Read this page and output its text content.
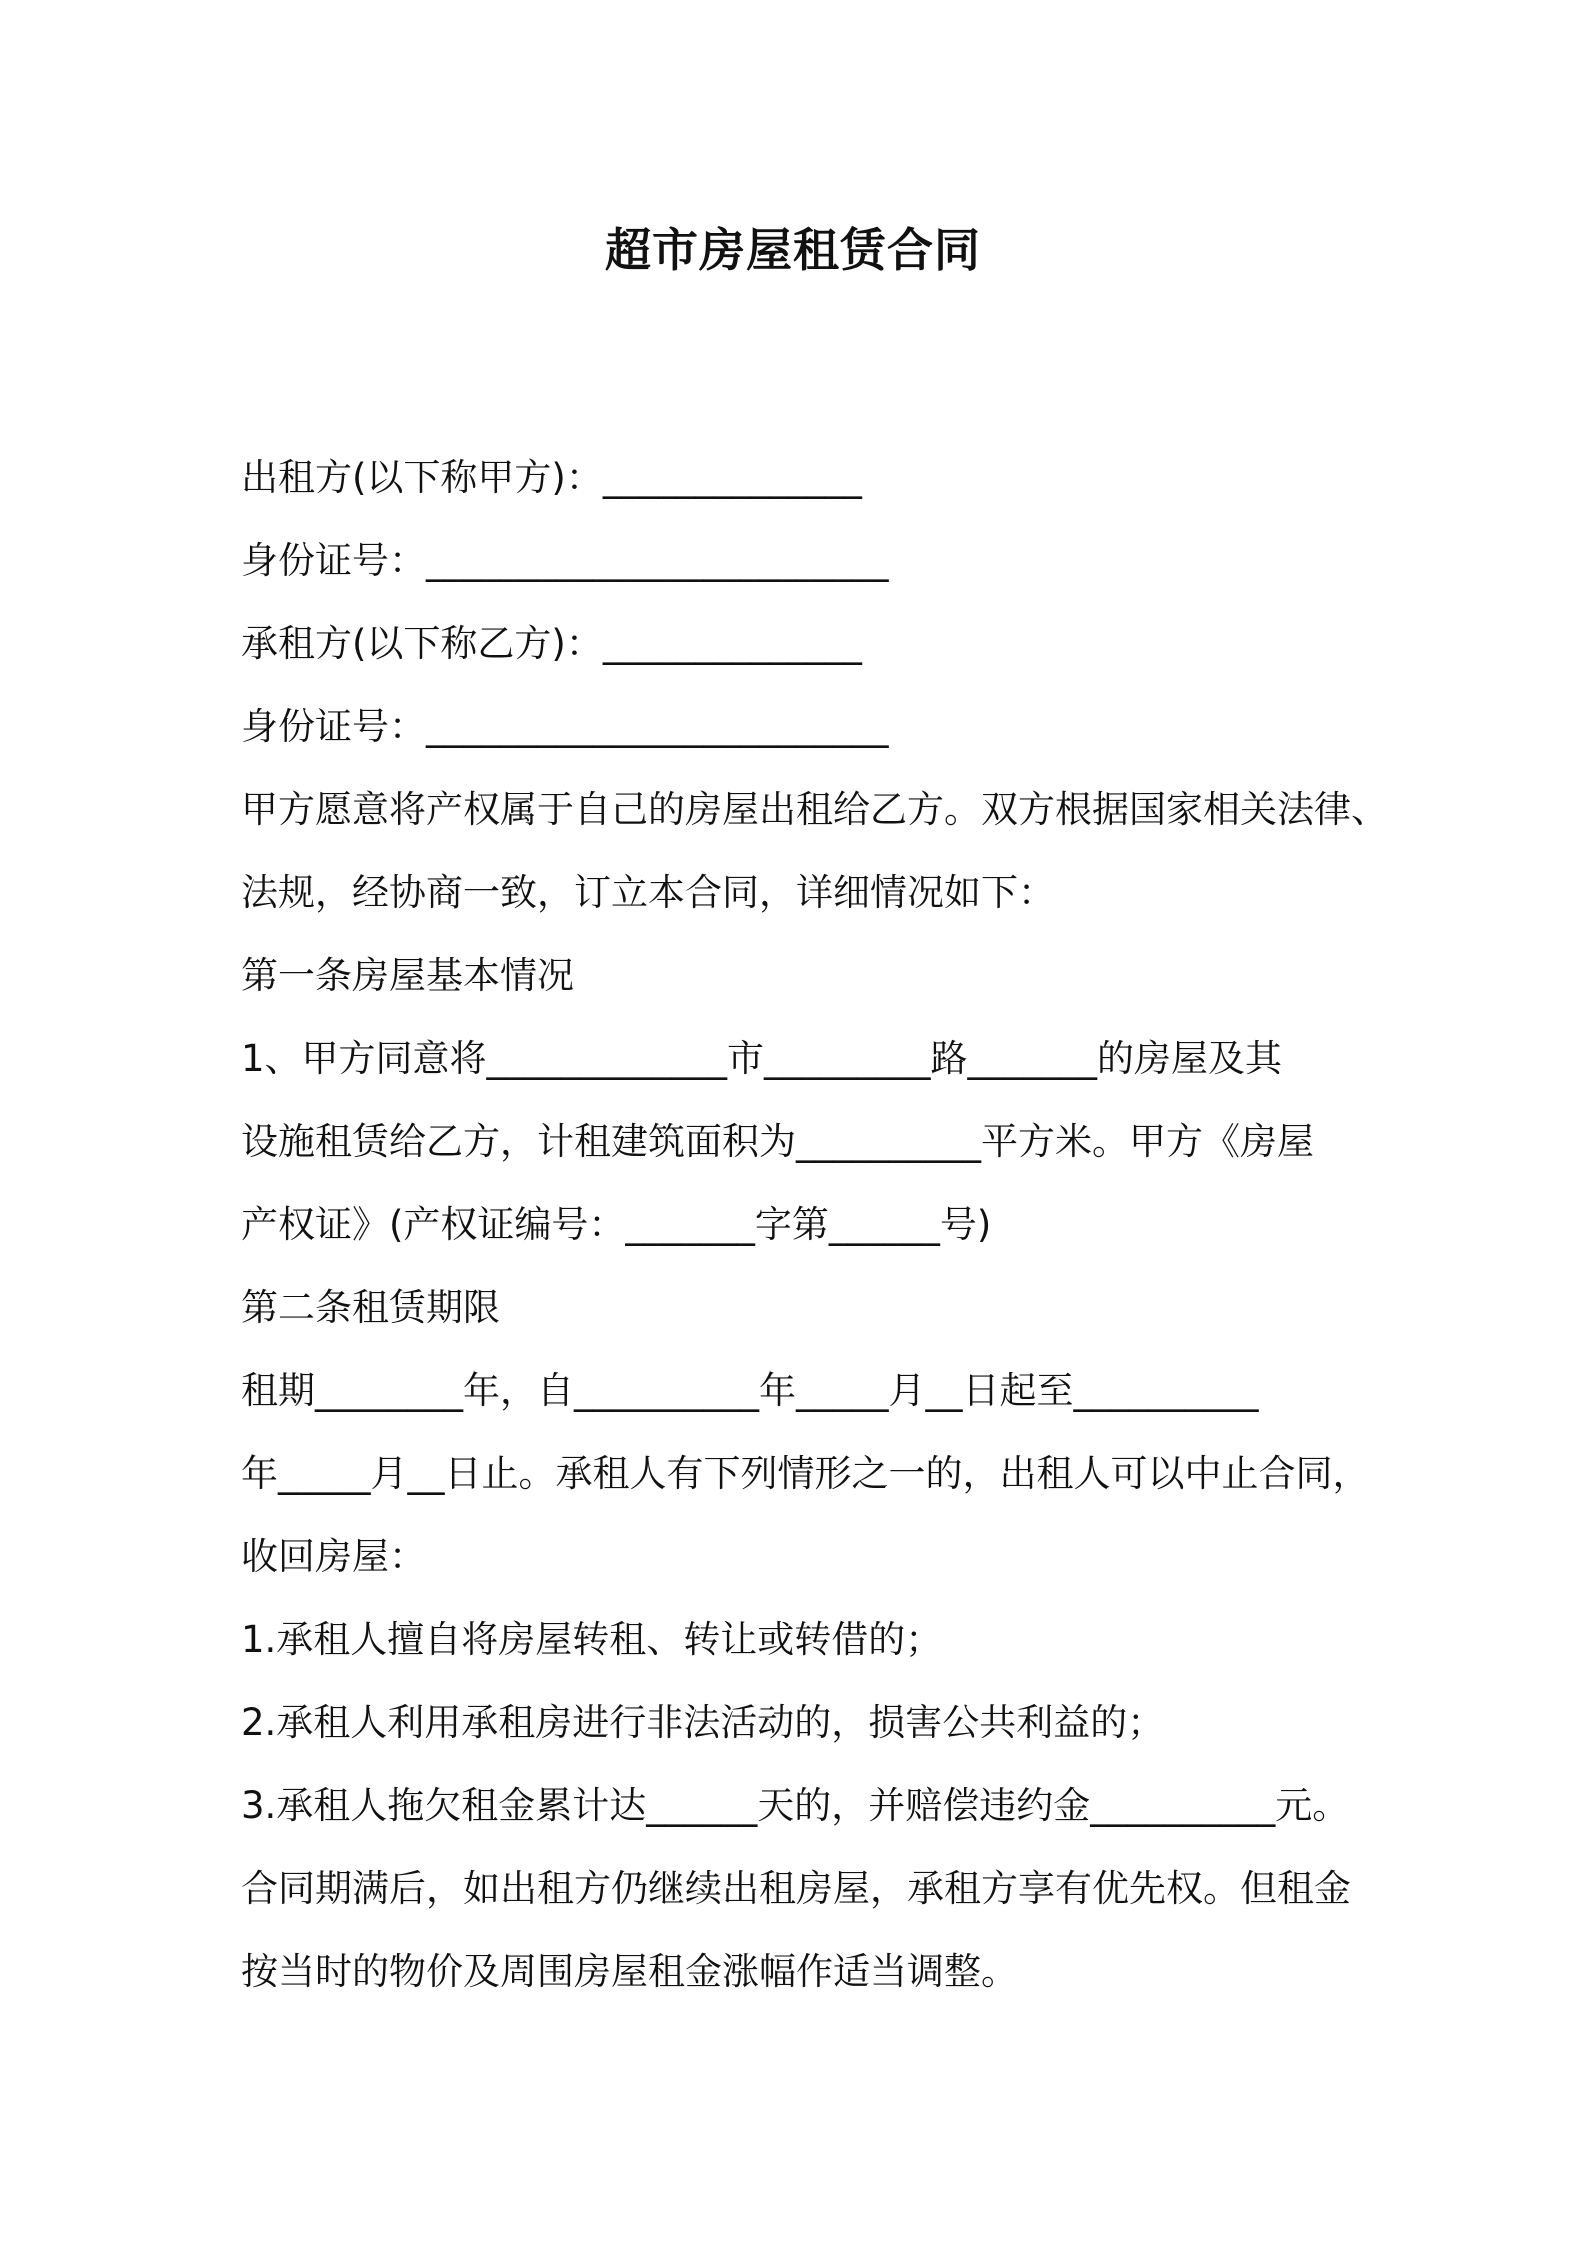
超市房屋租赁合同

出租方(以下称甲方)：______________

身份证号：_________________________

承租方(以下称乙方)：______________

身份证号：_________________________

甲方愿意将产权属于自己的房屋出租给乙方。双方根据国家相关法律、

法规，经协商一致，订立本合同，详细情况如下：

第一条房屋基本情况

1、甲方同意将_____________市_________路_______的房屋及其

设施租赁给乙方，计租建筑面积为__________平方米。甲方《房屋

产权证》(产权证编号：_______字第______号)

第二条租赁期限

租期________年，自__________年_____月__日起至__________

年_____月__日止。承租人有下列情形之一的，出租人可以中止合同，

收回房屋：

1.承租人擅自将房屋转租、转让或转借的；

2.承租人利用承租房进行非法活动的，损害公共利益的；

3.承租人拖欠租金累计达______天的，并赔偿违约金__________元。

合同期满后，如出租方仍继续出租房屋，承租方享有优先权。但租金

按当时的物价及周围房屋租金涨幅作适当调整。
